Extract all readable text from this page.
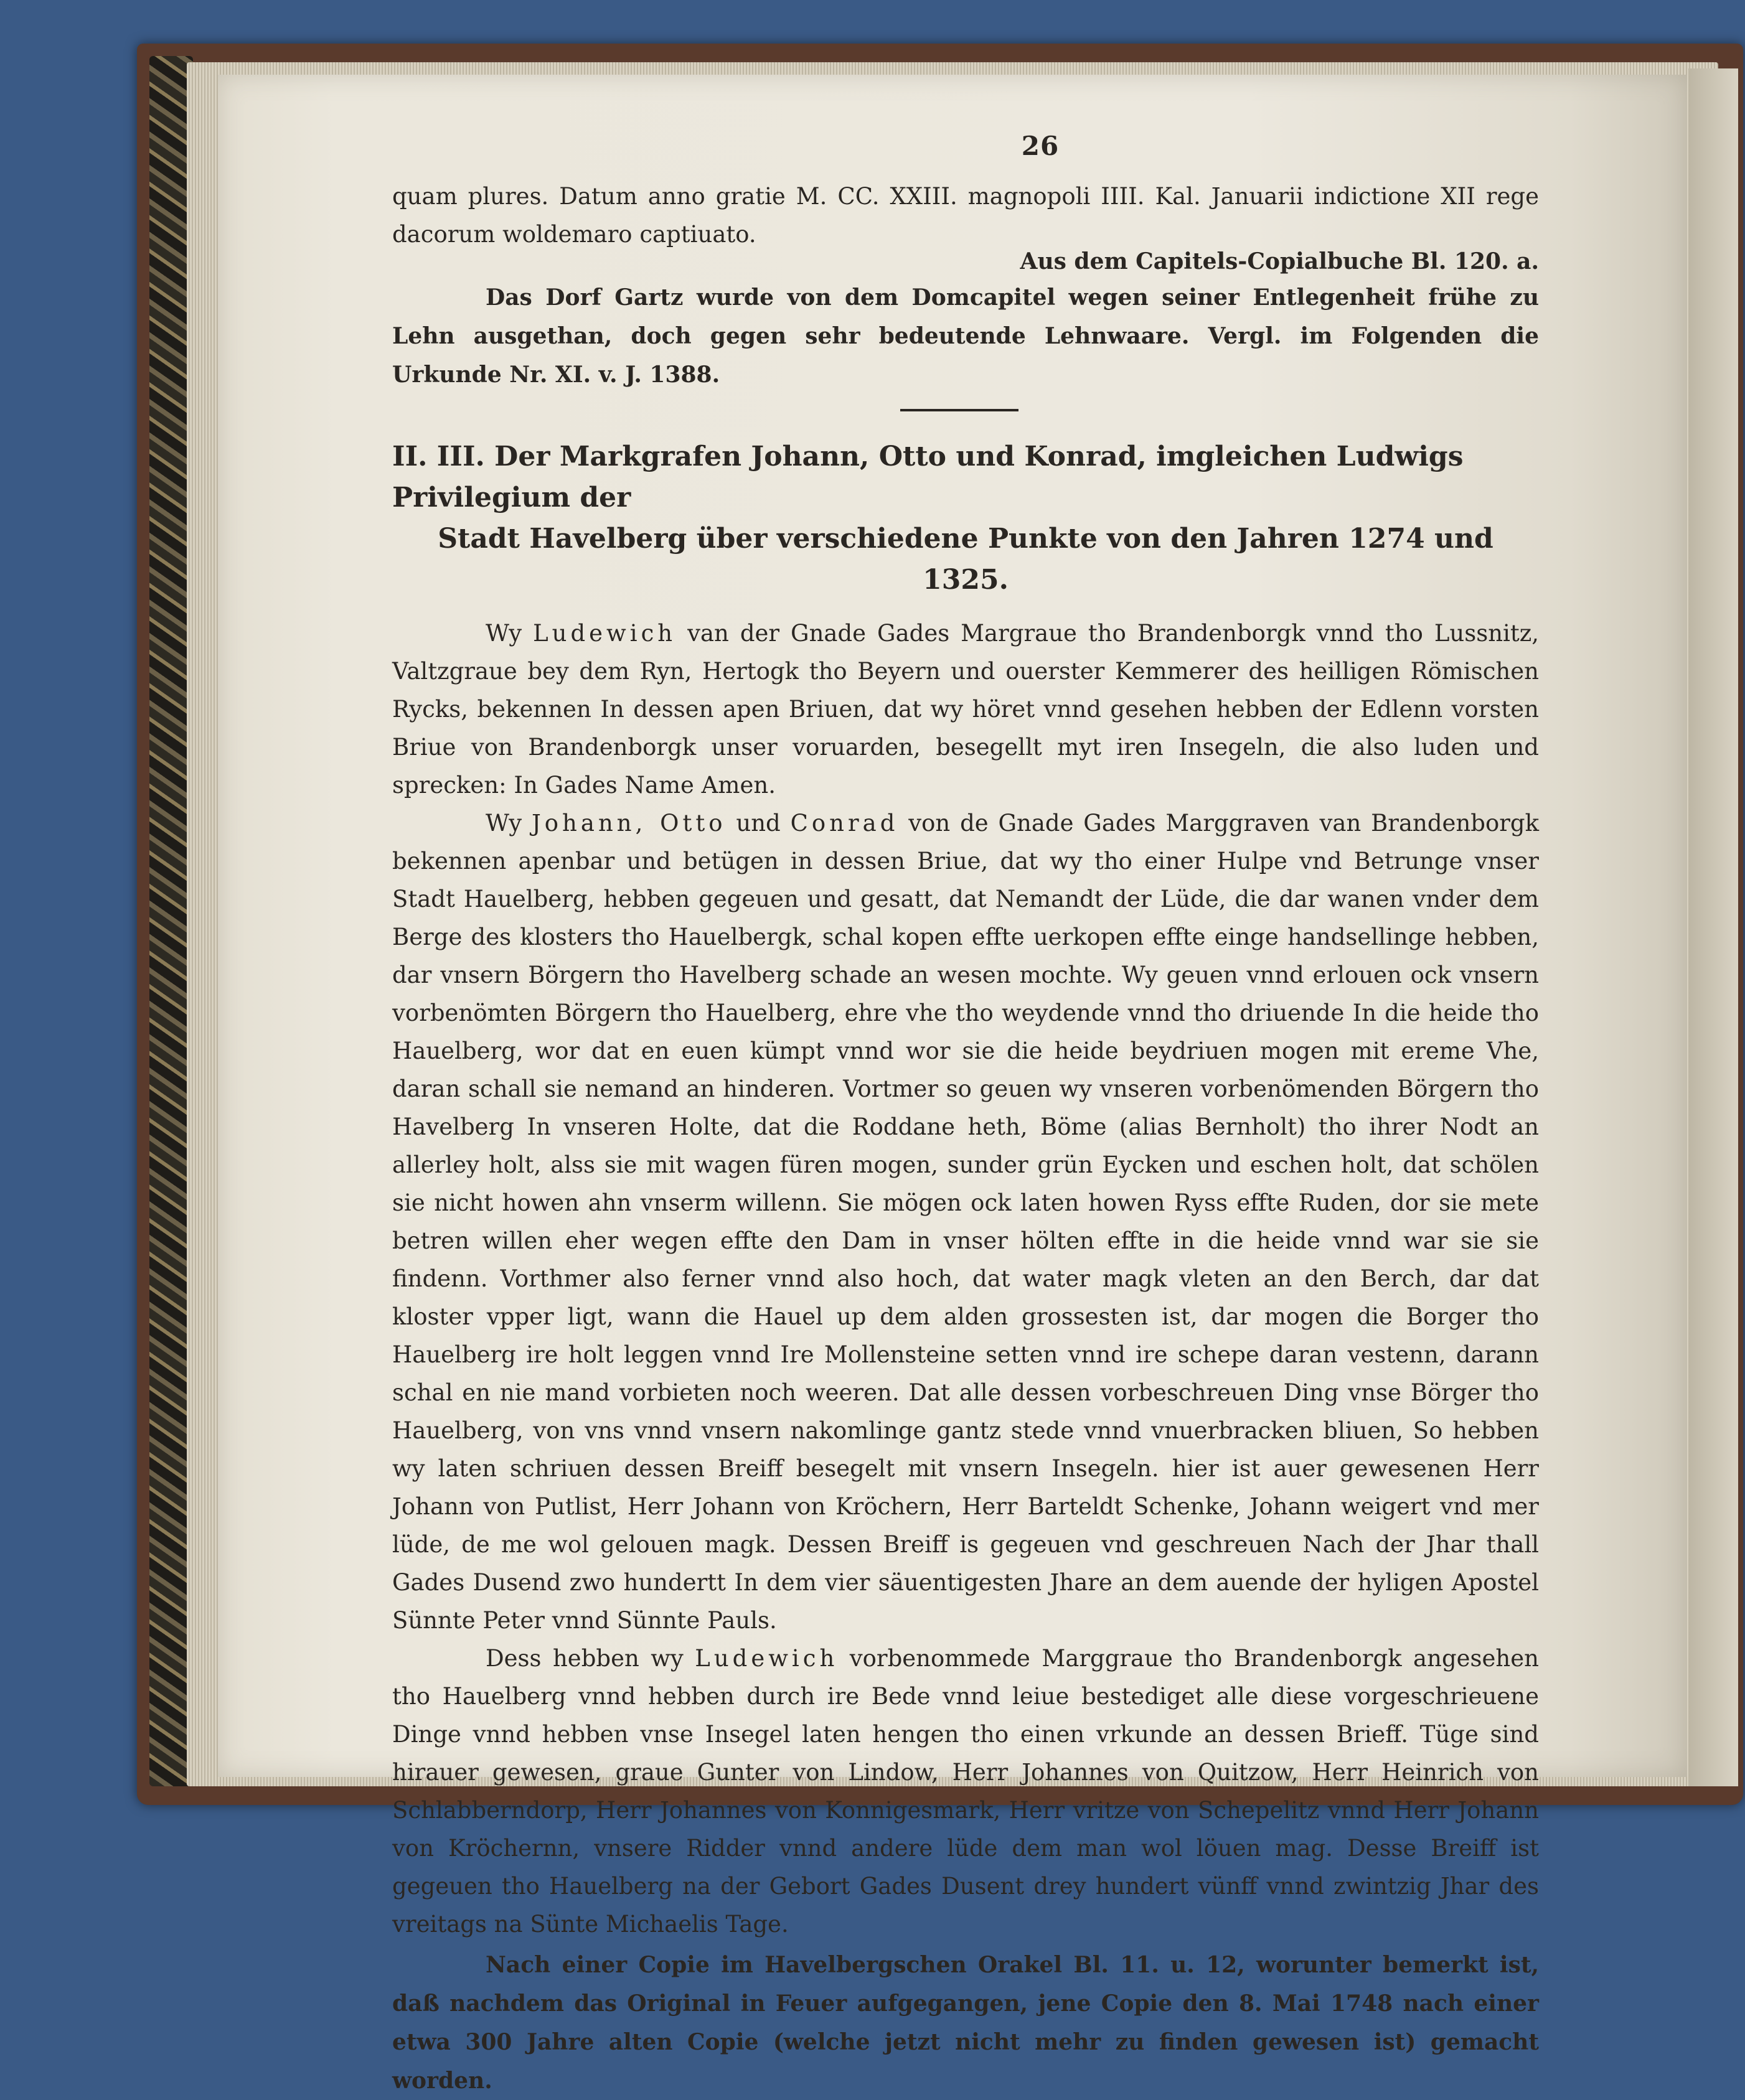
26

quam plures. Datum anno gratie M. CC. XXIII. magnopoli IIII. Kal. Januarii indictione XII rege dacorum woldemaro captiuato.

Aus dem Capitels-Copialbuche Bl. 120. a.

Das Dorf Gartz wurde von dem Domcapitel wegen seiner Entlegenheit frühe zu Lehn ausgethan, doch gegen sehr bedeutende Lehnwaare. Vergl. im Folgenden die Urkunde Nr. XI. v. J. 1388.

II. III. Der Markgrafen Johann, Otto und Konrad, imgleichen Ludwigs Privilegium der
Stadt Havelberg über verschiedene Punkte von den Jahren 1274 und 1325.

Wy Ludewich van der Gnade Gades Margraue tho Brandenborgk vnnd tho Lussnitz, Valtzgraue bey dem Ryn, Hertogk tho Beyern und ouerster Kemmerer des heilligen Römischen Rycks, bekennen In dessen apen Briuen, dat wy höret vnnd gesehen hebben der Edlenn vorsten Briue von Brandenborgk unser voruarden, besegellt myt iren Insegeln, die also luden und sprecken: In Gades Name Amen.

Wy Johann, Otto und Conrad von de Gnade Gades Marggraven van Brandenborgk bekennen apenbar und betügen in dessen Briue, dat wy tho einer Hulpe vnd Betrunge vnser Stadt Hauelberg, hebben gegeuen und gesatt, dat Nemandt der Lüde, die dar wanen vnder dem Berge des klosters tho Hauelbergk, schal kopen effte uerkopen effte einge handsellinge hebben, dar vnsern Börgern tho Havelberg schade an wesen mochte. Wy geuen vnnd erlouen ock vnsern vorbenömten Börgern tho Hauelberg, ehre vhe tho weydende vnnd tho driuende In die heide tho Hauelberg, wor dat en euen kümpt vnnd wor sie die heide beydriuen mogen mit ereme Vhe, daran schall sie nemand an hinderen. Vortmer so geuen wy vnseren vorbenömenden Börgern tho Havelberg In vnseren Holte, dat die Roddane heth, Böme (alias Bernholt) tho ihrer Nodt an allerley holt, alss sie mit wagen füren mogen, sunder grün Eycken und eschen holt, dat schölen sie nicht howen ahn vnserm willenn. Sie mögen ock laten howen Ryss effte Ruden, dor sie mete betren willen eher wegen effte den Dam in vnser hölten effte in die heide vnnd war sie sie findenn. Vorthmer also ferner vnnd also hoch, dat water magk vleten an den Berch, dar dat kloster vpper ligt, wann die Hauel up dem alden grossesten ist, dar mogen die Borger tho Hauelberg ire holt leggen vnnd Ire Mollensteine setten vnnd ire schepe daran vestenn, darann schal en nie mand vorbieten noch weeren. Dat alle dessen vorbeschreuen Ding vnse Börger tho Hauelberg, von vns vnnd vnsern nakomlinge gantz stede vnnd vnuerbracken bliuen, So hebben wy laten schriuen dessen Breiff besegelt mit vnsern Insegeln. hier ist auer gewesenen Herr Johann von Putlist, Herr Johann von Kröchern, Herr Barteldt Schenke, Johann weigert vnd mer lüde, de me wol gelouen magk. Dessen Breiff is gegeuen vnd geschreuen Nach der Jhar thall Gades Dusend zwo hundertt In dem vier säuentigesten Jhare an dem auende der hyligen Apostel Sünnte Peter vnnd Sünnte Pauls.

Dess hebben wy Ludewich vorbenommede Marggraue tho Brandenborgk angesehen tho Hauelberg vnnd hebben durch ire Bede vnnd leiue bestediget alle diese vorgeschrieuene Dinge vnnd hebben vnse Insegel laten hengen tho einen vrkunde an dessen Brieff. Tüge sind hirauer gewesen, graue Gunter von Lindow, Herr Johannes von Quitzow, Herr Heinrich von Schlabberndorp, Herr Johannes von Konnigesmark, Herr vritze von Schepelitz vnnd Herr Johann von Kröchernn, vnsere Ridder vnnd andere lüde dem man wol löuen mag. Desse Breiff ist gegeuen tho Hauelberg na der Gebort Gades Dusent drey hundert vünff vnnd zwintzig Jhar des vreitags na Sünte Michaelis Tage.

Nach einer Copie im Havelbergschen Orakel Bl. 11. u. 12, worunter bemerkt ist, daß nachdem das Original in Feuer aufgegangen, jene Copie den 8. Mai 1748 nach einer etwa 300 Jahre alten Copie (welche jetzt nicht mehr zu finden gewesen ist) gemacht worden.
